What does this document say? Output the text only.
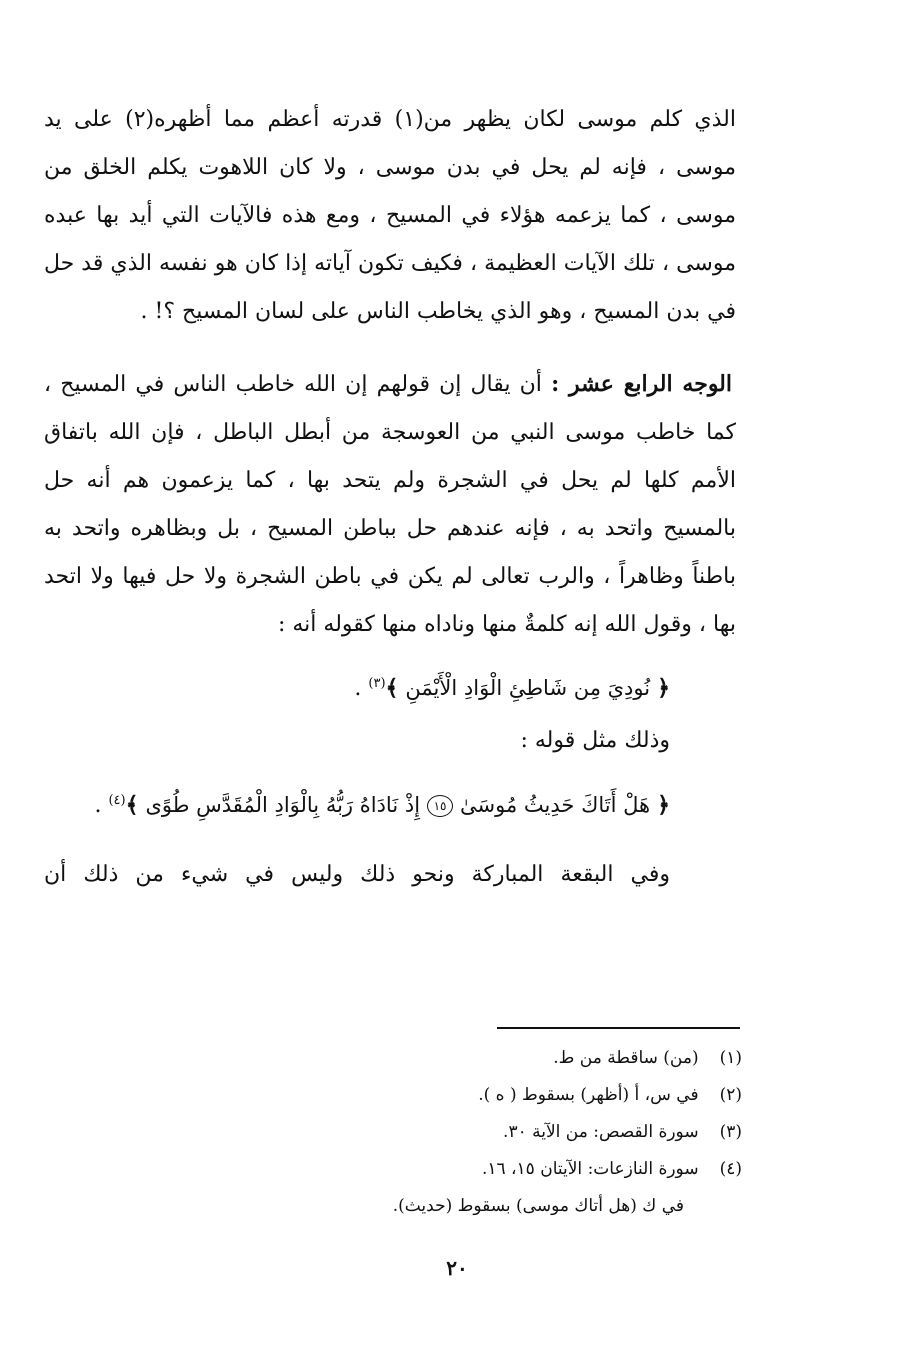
الذي كلم موسى لكان يظهر من(١) قدرته أعظم مما أظهره(٢) على يد موسى ، فإنه لم يحل في بدن موسى ، ولا كان اللاهوت يكلم الخلق من موسى ، كما يزعمه هؤلاء في المسيح ، ومع هذه فالآيات التي أيد بها عبده موسى ، تلك الآيات العظيمة ، فكيف تكون آياته إذا كان هو نفسه الذي قد حل في بدن المسيح ، وهو الذي يخاطب الناس على لسان المسيح ؟! .

الوجه الرابع عشر : أن يقال إن قولهم إن الله خاطب الناس في المسيح ، كما خاطب موسى النبي من العوسجة من أبطل الباطل ، فإن الله باتفاق الأمم كلها لم يحل في الشجرة ولم يتحد بها ، كما يزعمون هم أنه حل بالمسيح واتحد به ، فإنه عندهم حل بباطن المسيح ، بل وبظاهره واتحد به باطناً وظاهراً ، والرب تعالى لم يكن في باطن الشجرة ولا حل فيها ولا اتحد بها ، وقول الله إنه كلمةٌ منها وناداه منها كقوله أنه :

﴿ نُودِيَ مِن شَاطِئِ الْوَادِ الْأَيْمَنِ ﴾$^{(٣)}$ .
وذلك مثل قوله :
﴿ هَلْ أَتَاكَ حَدِيثُ مُوسَىٰ ١٥ إِذْ نَادَاهُ رَبُّهُ بِالْوَادِ الْمُقَدَّسِ طُوًى ﴾$^{(٤)}$ .
وفي البقعة المباركة ونحو ذلك وليس في شيء من ذلك أن

(١) (من) ساقطة من ط.

(٢) في س، أ (أظهر) بسقوط ( ه ).

(٣) سورة القصص: من الآية ٣٠.

(٤) سورة النازعات: الآيتان ١٥، ١٦.

في ك (هل أتاك موسى) بسقوط (حديث).

٢٠
